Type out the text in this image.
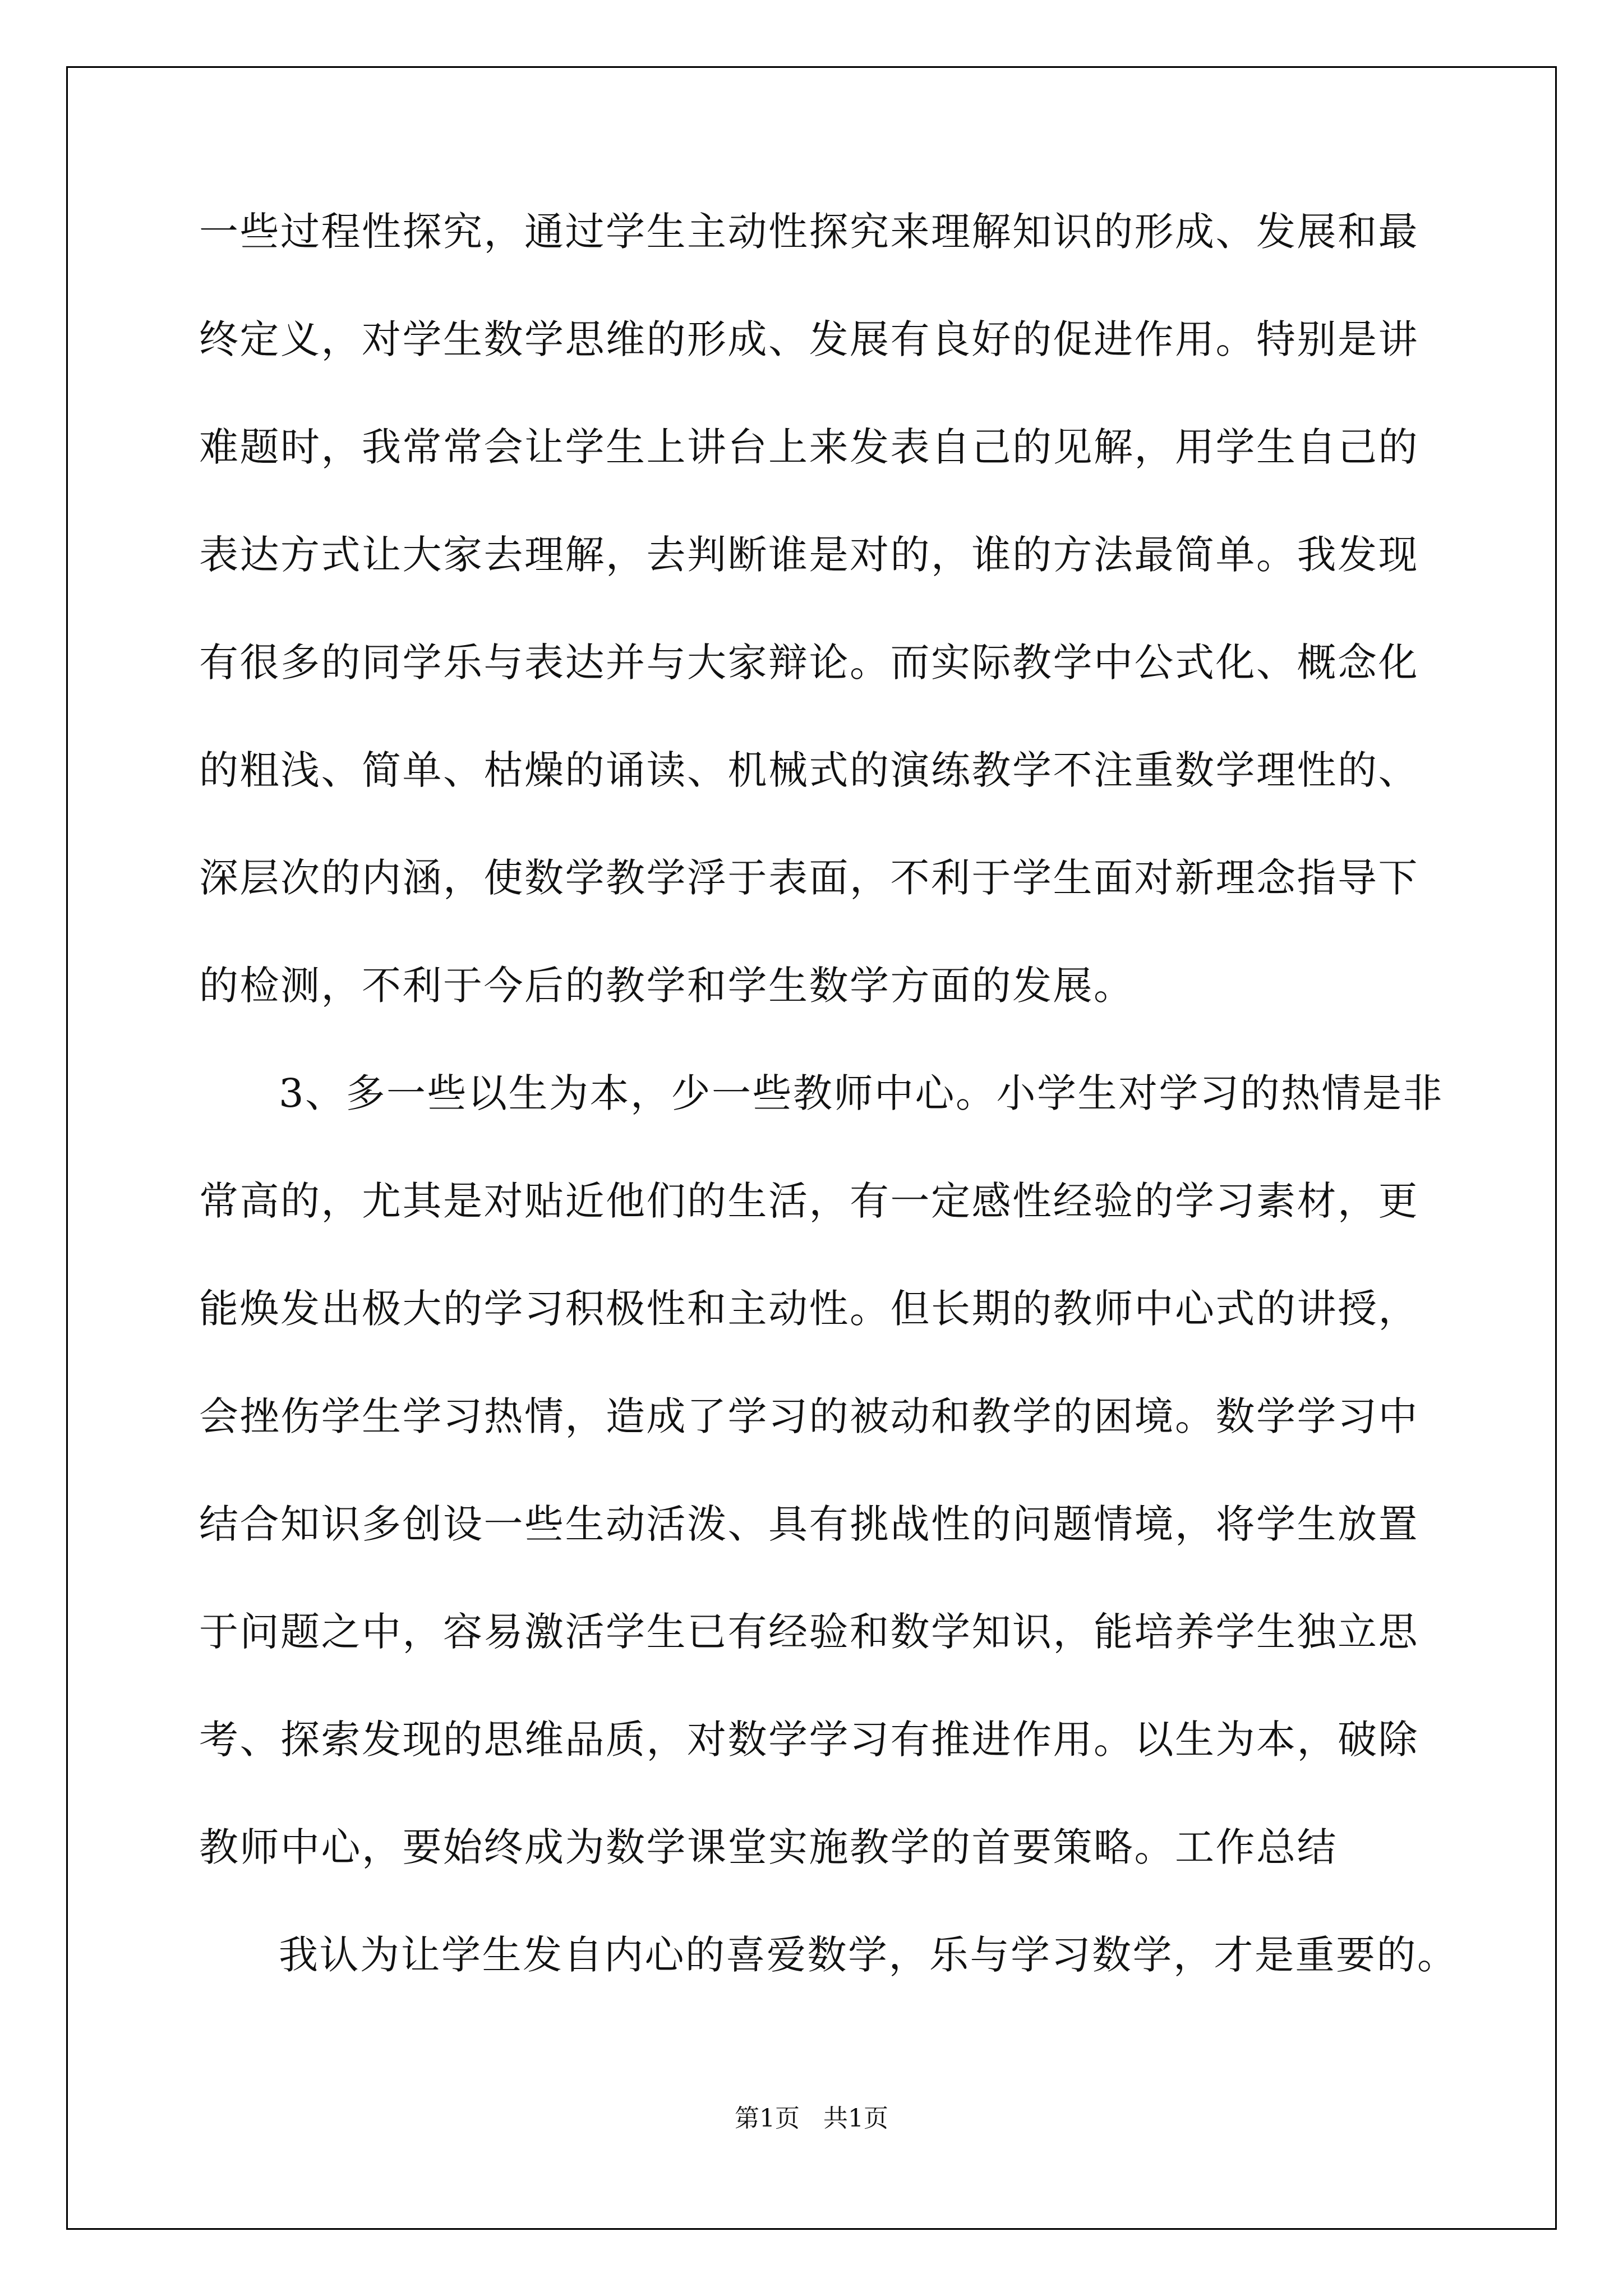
一些过程性探究，通过学生主动性探究来理解知识的形成、发展和最
终定义，对学生数学思维的形成、发展有良好的促进作用。特别是讲
难题时，我常常会让学生上讲台上来发表自己的见解，用学生自己的
表达方式让大家去理解，去判断谁是对的，谁的方法最简单。我发现
有很多的同学乐与表达并与大家辩论。而实际教学中公式化、概念化
的粗浅、简单、枯燥的诵读、机械式的演练教学不注重数学理性的、
深层次的内涵，使数学教学浮于表面，不利于学生面对新理念指导下
的检测，不利于今后的教学和学生数学方面的发展。
3、多一些以生为本，少一些教师中心。小学生对学习的热情是非
常高的，尤其是对贴近他们的生活，有一定感性经验的学习素材，更
能焕发出极大的学习积极性和主动性。但长期的教师中心式的讲授，
会挫伤学生学习热情，造成了学习的被动和教学的困境。数学学习中
结合知识多创设一些生动活泼、具有挑战性的问题情境，将学生放置
于问题之中，容易激活学生已有经验和数学知识，能培养学生独立思
考、探索发现的思维品质，对数学学习有推进作用。以生为本，破除
教师中心，要始终成为数学课堂实施教学的首要策略。工作总结
我认为让学生发自内心的喜爱数学，乐与学习数学，才是重要的。
第1页   共1页
